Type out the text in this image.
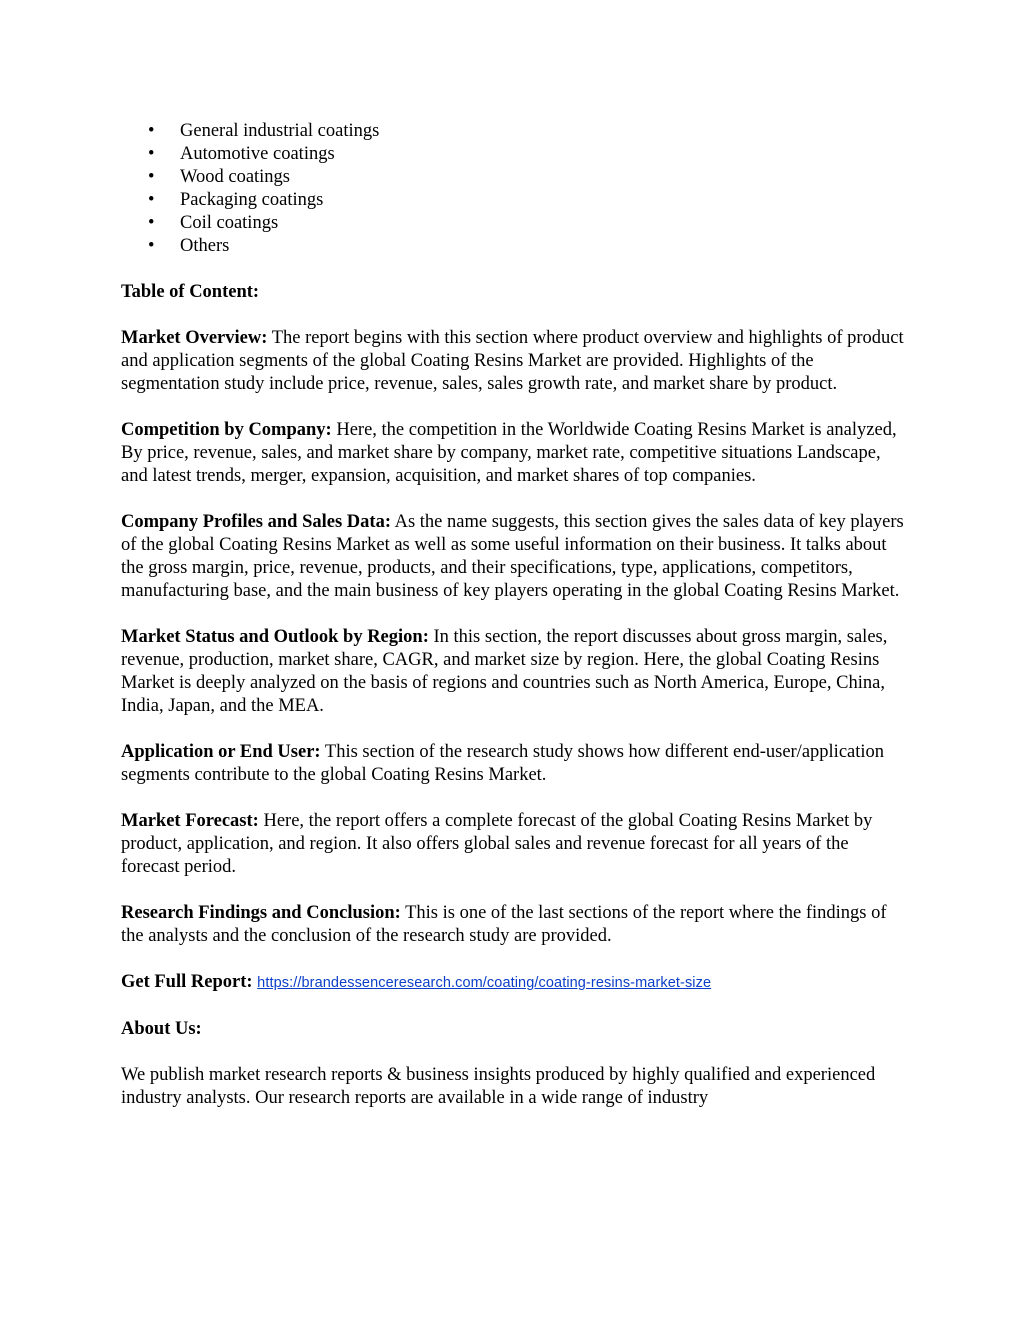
• General industrial coatings
• Automotive coatings
• Wood coatings
• Packaging coatings
• Coil coatings
• Others

Table of Content:

Market Overview: The report begins with this section where product overview and highlights of product and application segments of the global Coating Resins Market are provided. Highlights of the segmentation study include price, revenue, sales, sales growth rate, and market share by product.

Competition by Company: Here, the competition in the Worldwide Coating Resins Market is analyzed, By price, revenue, sales, and market share by company, market rate, competitive situations Landscape, and latest trends, merger, expansion, acquisition, and market shares of top companies.

Company Profiles and Sales Data: As the name suggests, this section gives the sales data of key players of the global Coating Resins Market as well as some useful information on their business. It talks about the gross margin, price, revenue, products, and their specifications, type, applications, competitors, manufacturing base, and the main business of key players operating in the global Coating Resins Market.

Market Status and Outlook by Region: In this section, the report discusses about gross margin, sales, revenue, production, market share, CAGR, and market size by region. Here, the global Coating Resins Market is deeply analyzed on the basis of regions and countries such as North America, Europe, China, India, Japan, and the MEA.

Application or End User: This section of the research study shows how different end-user/application segments contribute to the global Coating Resins Market.

Market Forecast: Here, the report offers a complete forecast of the global Coating Resins Market by product, application, and region. It also offers global sales and revenue forecast for all years of the forecast period.

Research Findings and Conclusion: This is one of the last sections of the report where the findings of the analysts and the conclusion of the research study are provided.

Get Full Report: https://brandessenceresearch.com/coating/coating-resins-market-size

About Us:

We publish market research reports & business insights produced by highly qualified and experienced industry analysts. Our research reports are available in a wide range of industry
